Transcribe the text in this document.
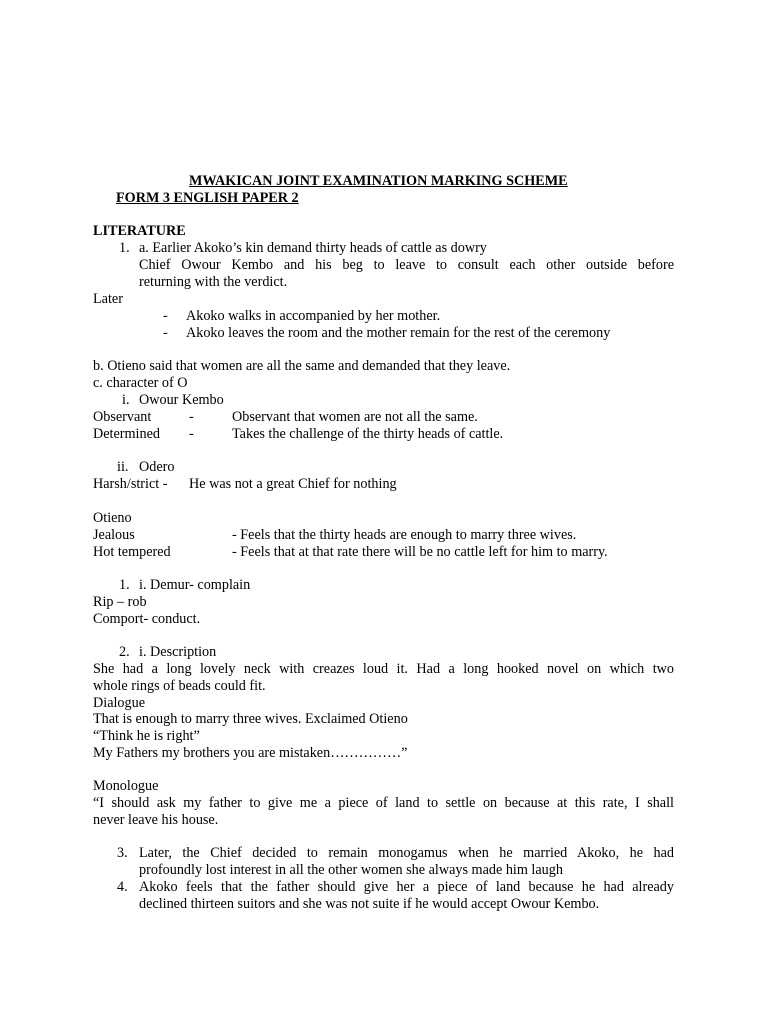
MWAKICAN JOINT EXAMINATION MARKING SCHEME
FORM 3 ENGLISH PAPER 2
LITERATURE
1. a. Earlier Akoko’s kin demand thirty heads of cattle as dowry
Chief Owour Kembo and his beg to leave to consult each other outside before
returning with the verdict.
Later
- Akoko walks in accompanied by her mother.
- Akoko leaves the room and the mother remain for the rest of the ceremony
b. Otieno said that women are all the same and demanded that they leave.
c. character of O
i. Owour Kembo
Observant	-	Observant that women are not all the same.
Determined -	Takes the challenge of the thirty heads of cattle.
ii. Odero
Harsh/strict - He was not a great Chief for nothing
Otieno
Jealous	- Feels that the thirty heads are enough to marry three wives.
Hot tempered	- Feels that at that rate there will be no cattle left for him to marry.
1. i. Demur- complain
Rip – rob
Comport- conduct.
2. i. Description
She had a long lovely neck with creazes loud it. Had a long hooked novel on which two
whole rings of beads could fit.
Dialogue
That is enough to marry three wives. Exclaimed Otieno
“Think he is right”
My Fathers my brothers you are mistaken……………”
Monologue
“I should ask my father to give me a piece of land to settle on because at this rate, I shall
never leave his house.
3. Later, the Chief decided to remain monogamus when he married Akoko, he had
profoundly lost interest in all the other women she always made him laugh
4. Akoko feels that the father should give her a piece of land because he had already
declined thirteen suitors and she was not suite if he would accept Owour Kembo.
